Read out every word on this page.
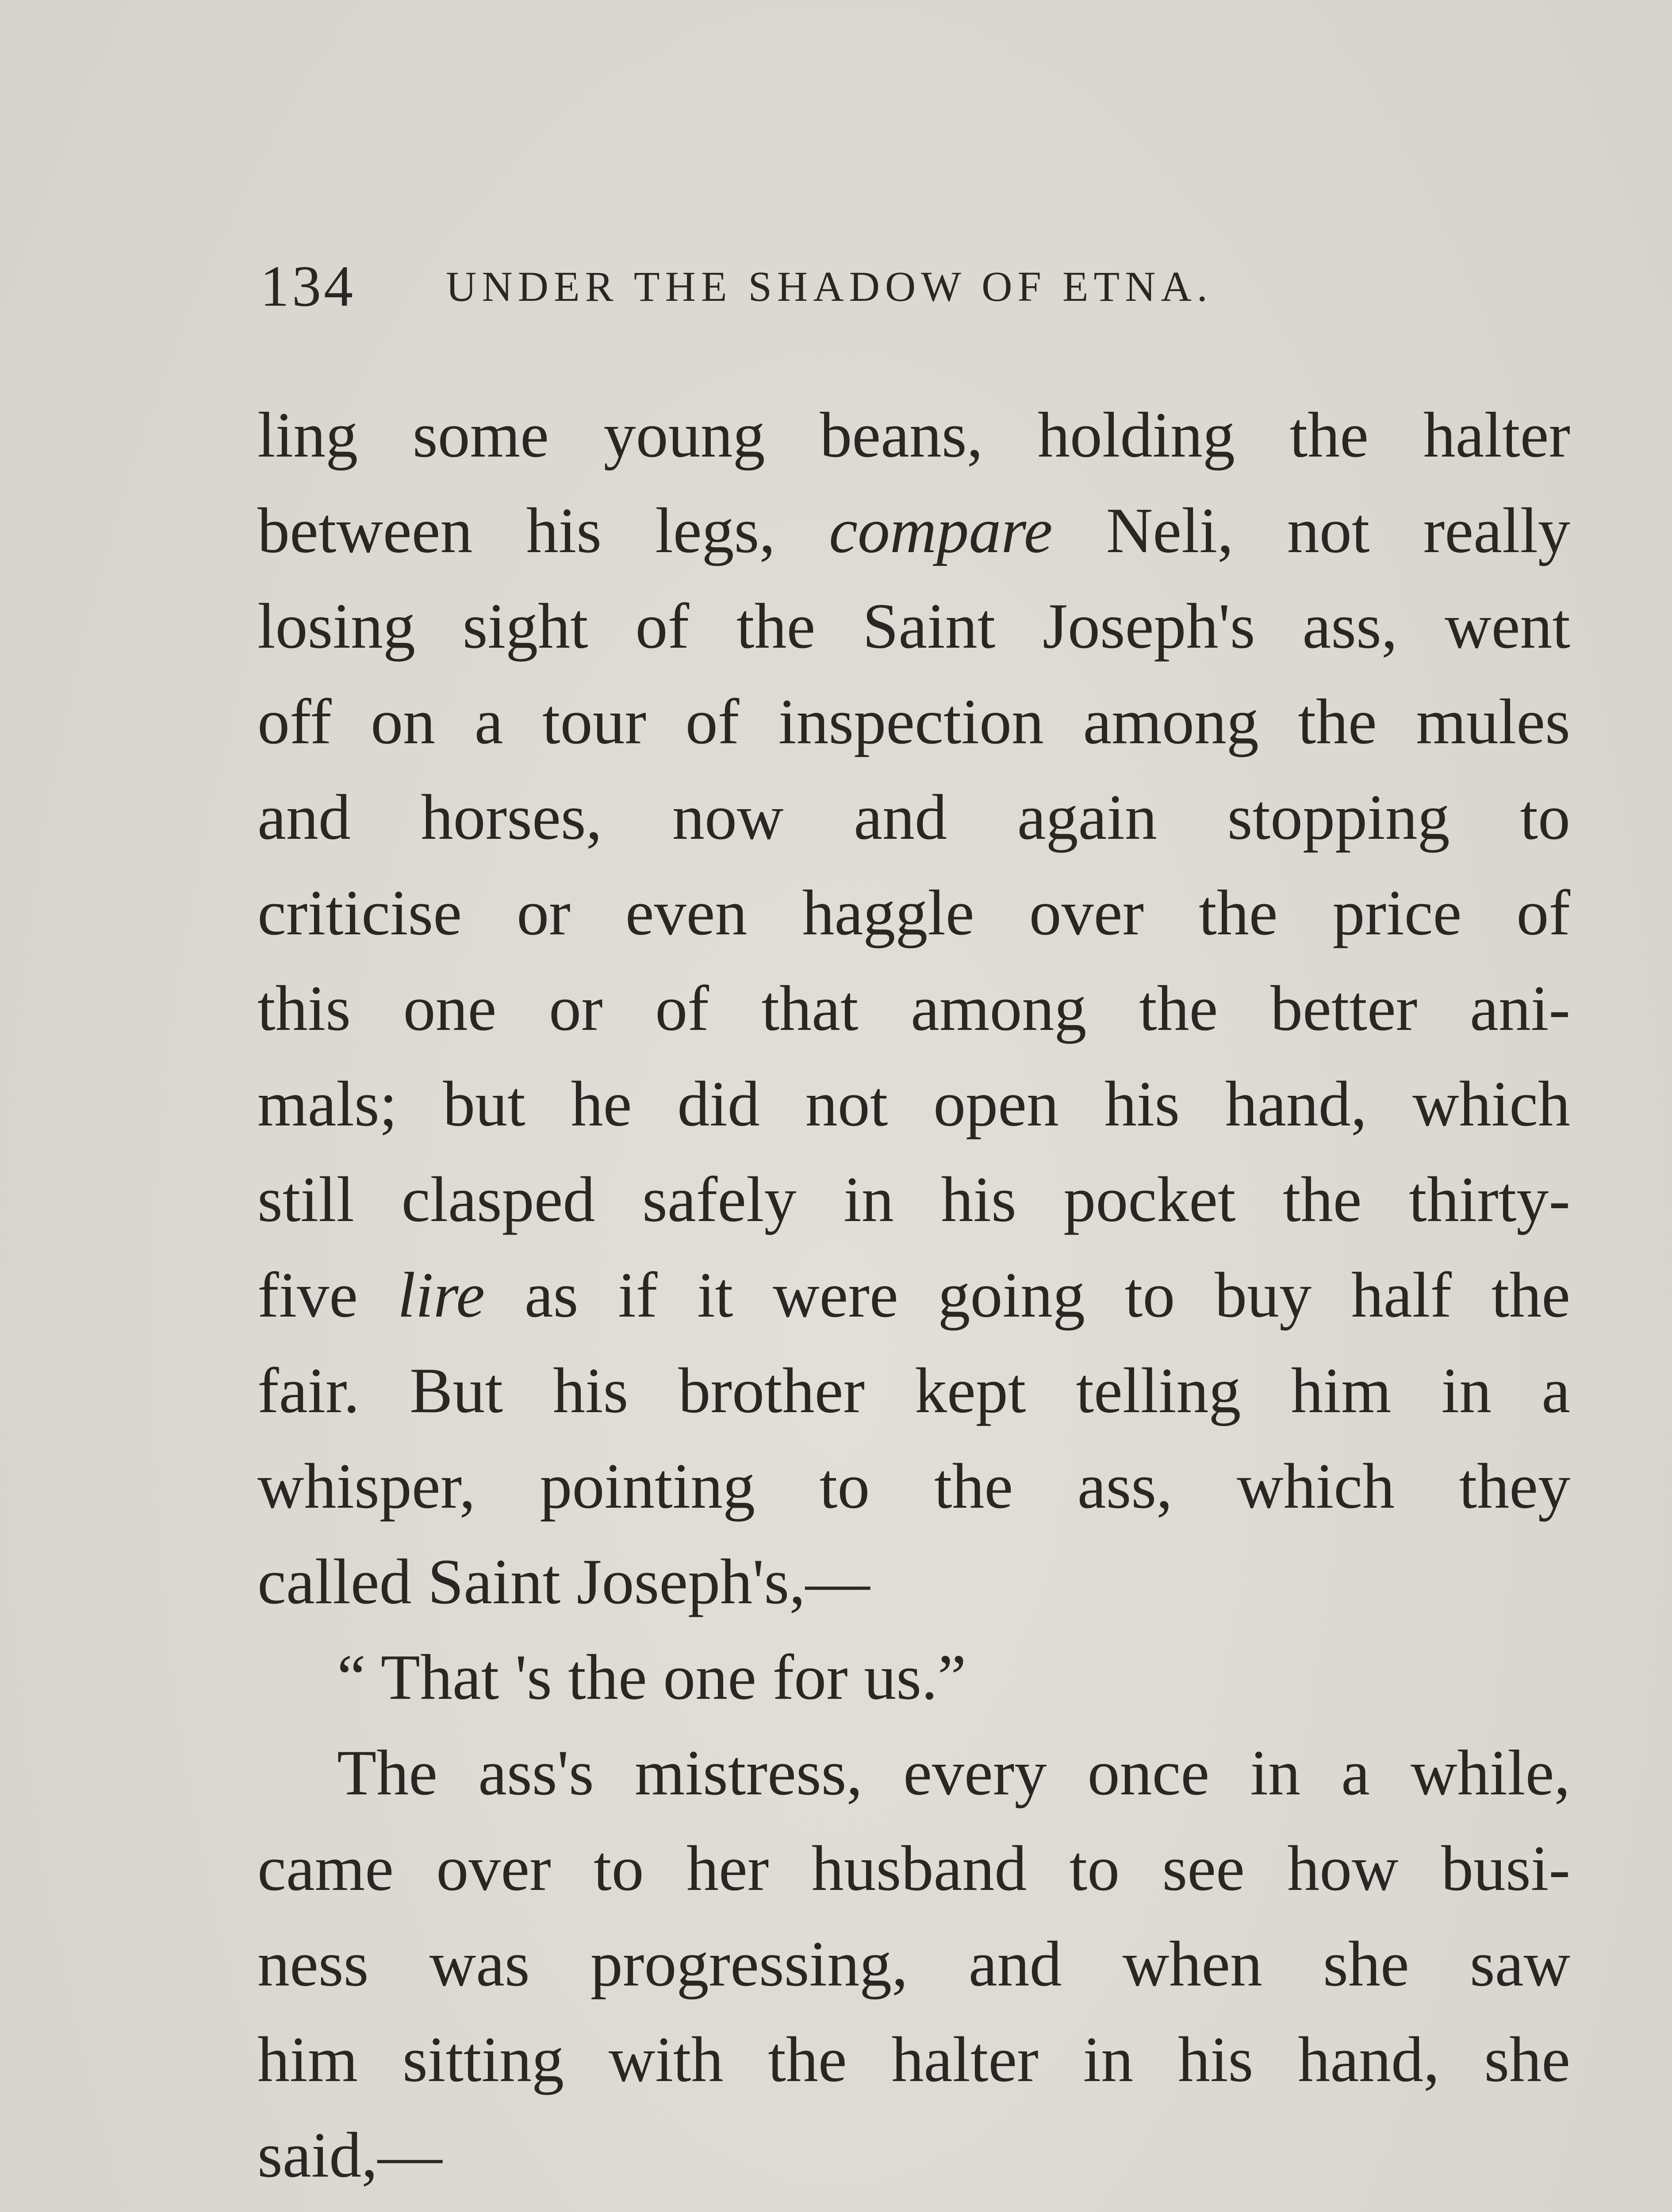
134 UNDER THE SHADOW OF ETNA.
ling some young beans, holding the halter
between his legs, compare Neli, not really
losing sight of the Saint Joseph's ass, went
off on a tour of inspection among the mules
and horses, now and again stopping to
criticise or even haggle over the price of
this one or of that among the better ani-
mals; but he did not open his hand, which
still clasped safely in his pocket the thirty-
five lire as if it were going to buy half the
fair. But his brother kept telling him in a
whisper, pointing to the ass, which they
called Saint Joseph's,—
“ That 's the one for us.”
The ass's mistress, every once in a while,
came over to her husband to see how busi-
ness was progressing, and when she saw
him sitting with the halter in his hand, she
said,—
